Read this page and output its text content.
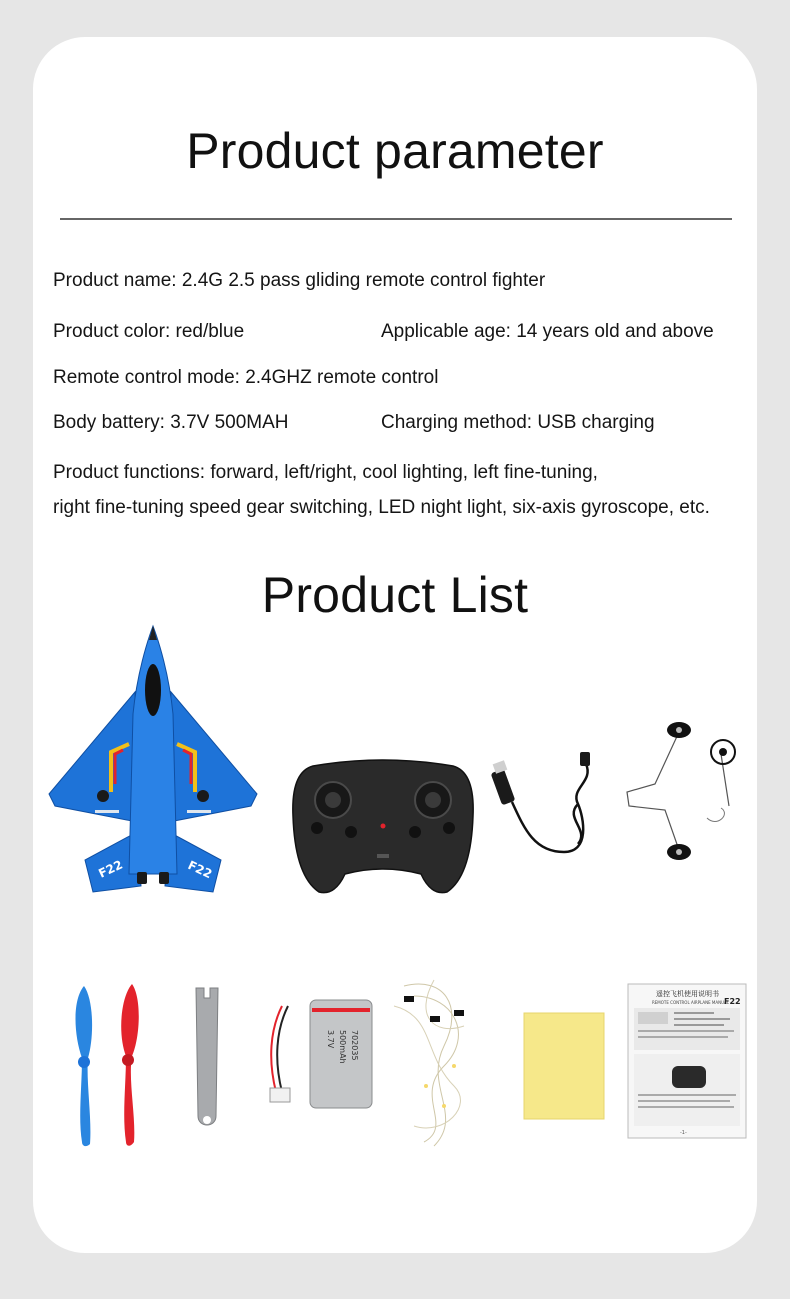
Product parameter
Product name: 2.4G 2.5 pass gliding remote control fighter
Product color: red/blue	Applicable age: 14 years old and above
Remote control mode: 2.4GHZ remote control
Body battery: 3.7V 500MAH	Charging method: USB charging
Product functions: forward, left/right, cool lighting, left fine-tuning,
right fine-tuning speed gear switching, LED night light, six-axis gyroscope, etc.
Product List
F22	F22
3.7V 500mAh 702035
遥控飞机使用说明书
REMOTE CONTROL AIRPLANE MANUAL
F22
-1-
